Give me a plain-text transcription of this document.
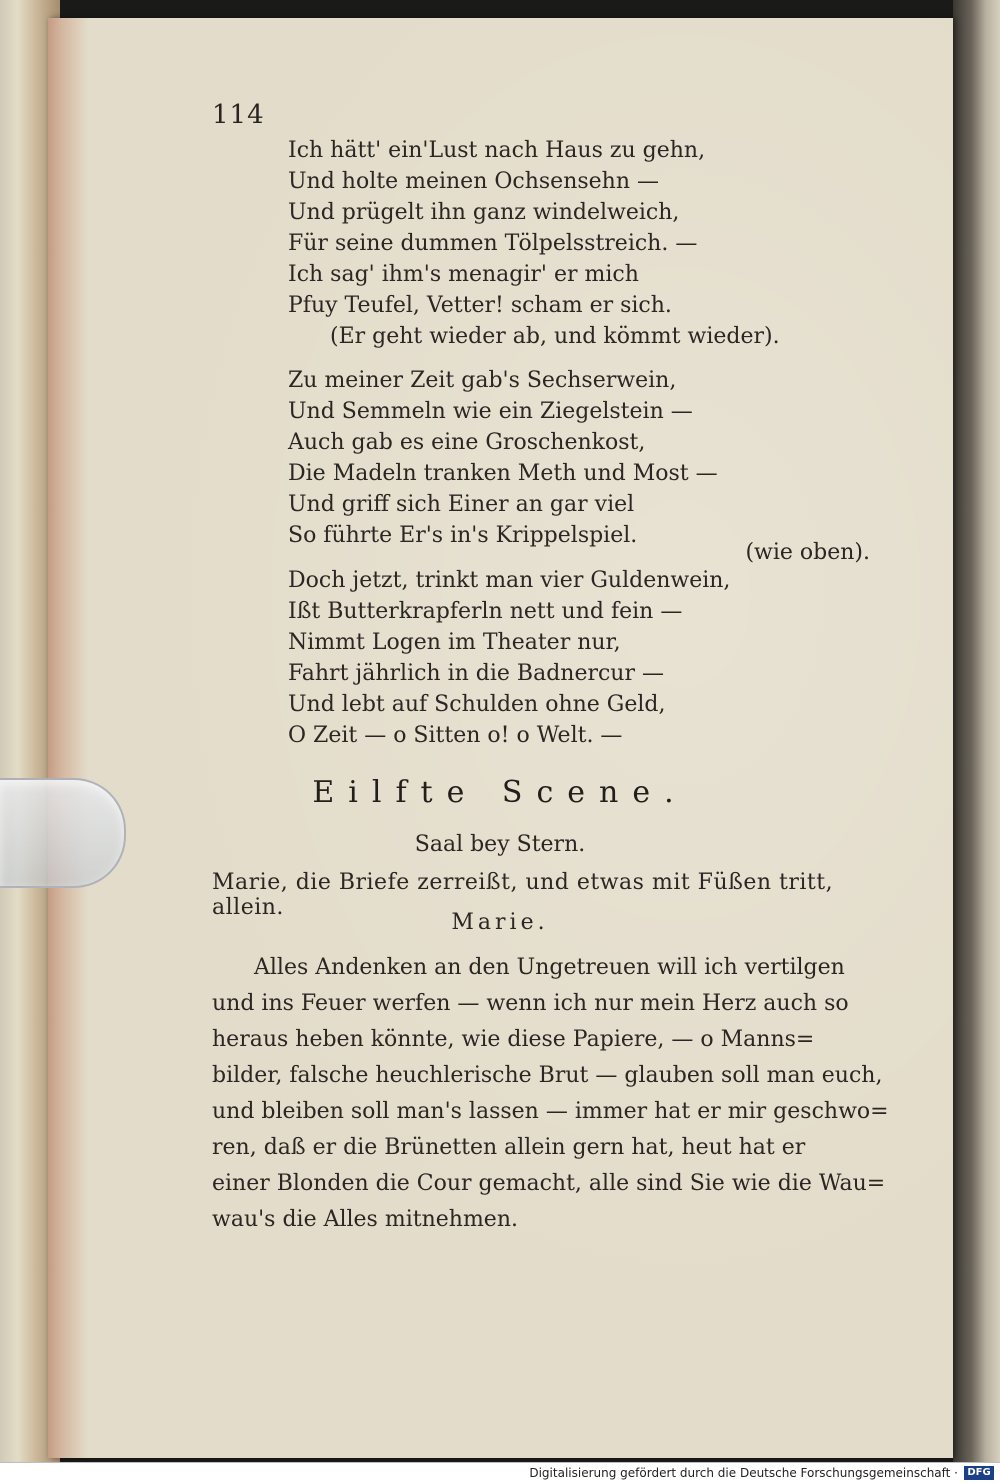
114
Ich hätt' ein'Lust nach Haus zu gehn,
Und holte meinen Ochsensehn —
Und prügelt ihn ganz windelweich,
Für seine dummen Tölpelsstreich. —
Ich sag' ihm's menagir' er mich
Pfuy Teufel, Vetter! scham er sich.
(Er geht wieder ab, und kömmt wieder).
Zu meiner Zeit gab's Sechserwein,
Und Semmeln wie ein Ziegelstein —
Auch gab es eine Groschenkost,
Die Madeln tranken Meth und Most —
Und griff sich Einer an gar viel
So führte Er's in's Krippelspiel.
(wie oben).
Doch jetzt, trinkt man vier Guldenwein,
Ißt Butterkrapferln nett und fein —
Nimmt Logen im Theater nur,
Fahrt jährlich in die Badnercur —
Und lebt auf Schulden ohne Geld,
O Zeit — o Sitten o! o Welt. —
Eilfte Scene.
Saal bey Stern.
Marie, die Briefe zerreißt, und etwas mit Füßen tritt, allein.
Marie.
Alles Andenken an den Ungetreuen will ich vertilgen
und ins Feuer werfen — wenn ich nur mein Herz auch so
heraus heben könnte, wie diese Papiere, — o Manns=
bilder, falsche heuchlerische Brut — glauben soll man euch,
und bleiben soll man's lassen — immer hat er mir geschwo=
ren, daß er die Brünetten allein gern hat, heut hat er
einer Blonden die Cour gemacht, alle sind Sie wie die Wau=
wau's die Alles mitnehmen.
Digitalisierung gefördert durch die Deutsche Forschungsgemeinschaft · DFG
